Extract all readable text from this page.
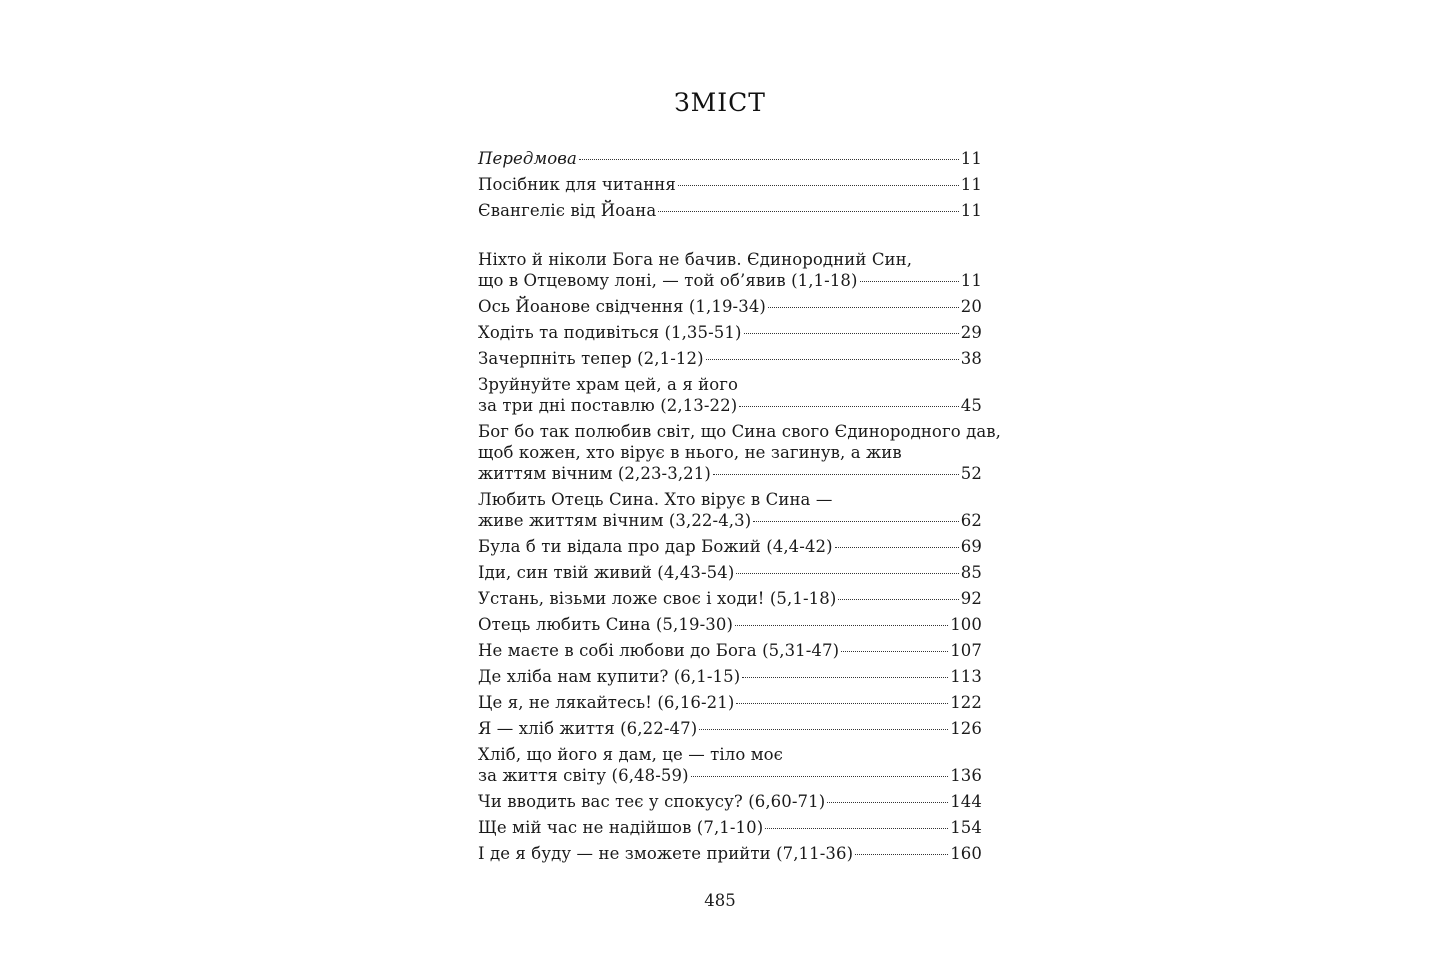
ЗМІСТ
Передмова	11
Посібник для читання	11
Євангеліє від Йоана	11
Ніхто й ніколи Бога не бачив. Єдинородний Син,
що в Отцевому лоні, — той об’явив (1,1-18)	11
Ось Йоанове свідчення (1,19-34)	20
Ходіть та подивіться (1,35-51)	29
Зачерпніть тепер (2,1-12)	38
Зруйнуйте храм цей, а я його
за три дні поставлю (2,13-22)	45
Бог бо так полюбив світ, що Сина свого Єдинородного дав,
щоб кожен, хто вірує в нього, не загинув, а жив
життям вічним (2,23-3,21)	52
Любить Отець Сина. Хто вірує в Сина —
живе життям вічним (3,22-4,3)	62
Була б ти відала про дар Божий (4,4-42)	69
Іди, син твій живий (4,43-54)	85
Устань, візьми ложе своє і ходи! (5,1-18)	92
Отець любить Сина (5,19-30)	100
Не маєте в собі любови до Бога (5,31-47)	107
Де хліба нам купити? (6,1-15)	113
Це я, не лякайтесь! (6,16-21)	122
Я — хліб життя (6,22-47)	126
Хліб, що його я дам, це — тіло моє
за життя світу (6,48-59)	136
Чи вводить вас теє у спокусу? (6,60-71)	144
Ще мій час не надійшов (7,1-10)	154
І де я буду — не зможете прийти (7,11-36)	160
485
